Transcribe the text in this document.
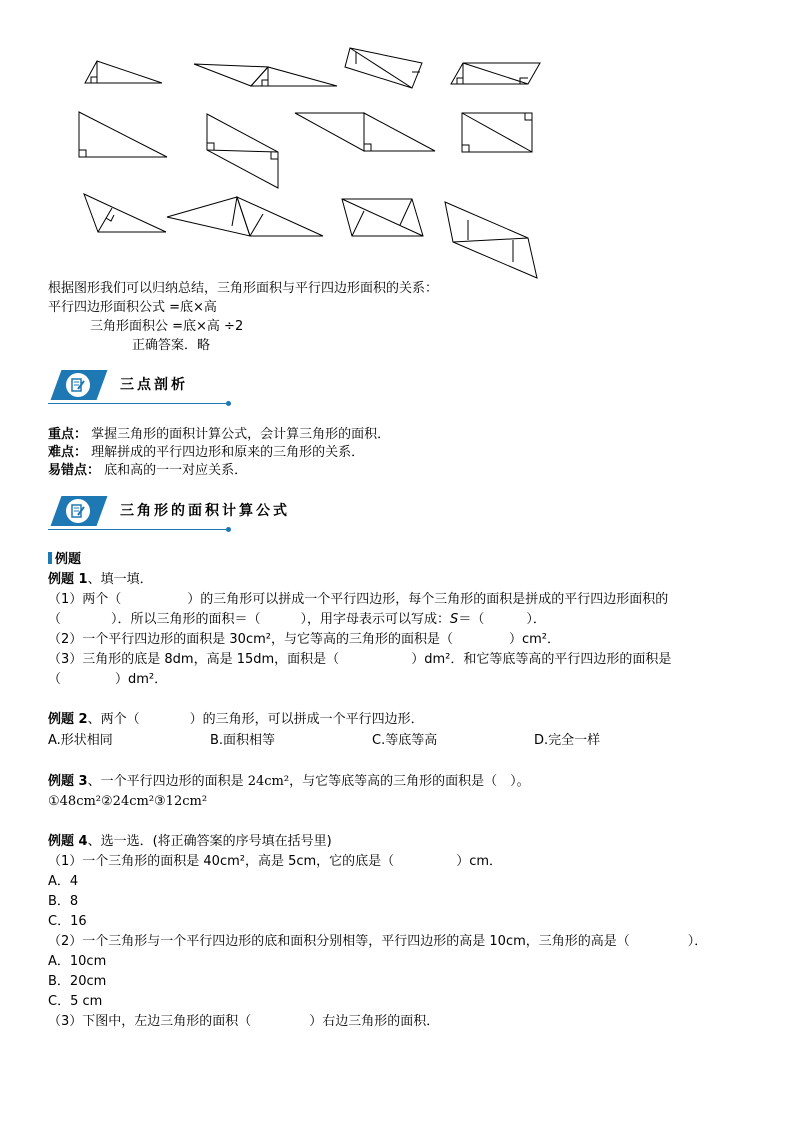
根据图形我们可以归纳总结，三角形面积与平行四边形面积的关系：
平行四边形面积公式 =底×高
三角形面积公 =底×高 ÷2
正确答案．略
三点剖析
重点： 掌握三角形的面积计算公式，会计算三角形的面积．
难点： 理解拼成的平行四边形和原来的三角形的关系．
易错点： 底和高的一一对应关系．
三角形的面积计算公式
例题
例题 1、填一填．
（1）两个（	）的三角形可以拼成一个平行四边形，每个三角形的面积是拼成的平行四边形面积的
（	）．所以三角形的面积＝（	），用字母表示可以写成：S＝（	）．
（2）一个平行四边形的面积是 30cm²，与它等高的三角形的面积是（	）cm²．
（3）三角形的底是 8dm，高是 15dm，面积是（	）dm²．和它等底等高的平行四边形的面积是
（	）dm²．
例题 2、两个（	）的三角形，可以拼成一个平行四边形．
A.形状相同	B.面积相等	C.等底等高	D.完全一样
例题 3、一个平行四边形的面积是 24cm²，与它等底等高的三角形的面积是（　）。
①48cm²②24cm²③12cm²
例题 4、选一选．(将正确答案的序号填在括号里)
（1）一个三角形的面积是 40cm²，高是 5cm，它的底是（	）cm．
A．4
B．8
C．16
（2）一个三角形与一个平行四边形的底和面积分别相等，平行四边形的高是 10cm，三角形的高是（	）．
A．10cm
B．20cm
C．5 cm
（3）下图中，左边三角形的面积（	）右边三角形的面积．
